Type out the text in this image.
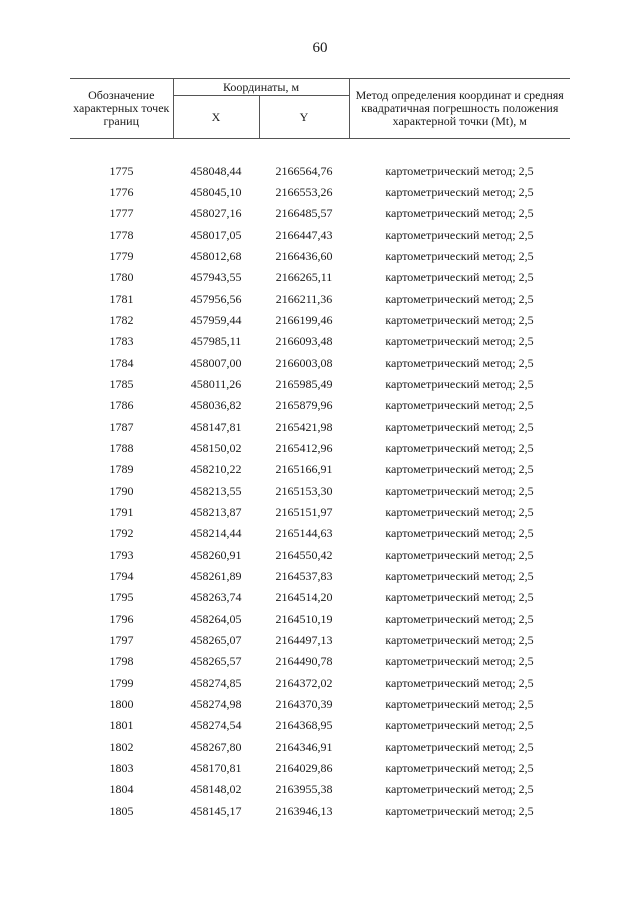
60
Обозначение характерных точек границ	Координаты, м		Метод определения координат и средняя квадратичная погрешность положения характерной точки (Mt), м
	X	Y	

1775	458048,44	2166564,76	картометрический метод; 2,5
1776	458045,10	2166553,26	картометрический метод; 2,5
1777	458027,16	2166485,57	картометрический метод; 2,5
1778	458017,05	2166447,43	картометрический метод; 2,5
1779	458012,68	2166436,60	картометрический метод; 2,5
1780	457943,55	2166265,11	картометрический метод; 2,5
1781	457956,56	2166211,36	картометрический метод; 2,5
1782	457959,44	2166199,46	картометрический метод; 2,5
1783	457985,11	2166093,48	картометрический метод; 2,5
1784	458007,00	2166003,08	картометрический метод; 2,5
1785	458011,26	2165985,49	картометрический метод; 2,5
1786	458036,82	2165879,96	картометрический метод; 2,5
1787	458147,81	2165421,98	картометрический метод; 2,5
1788	458150,02	2165412,96	картометрический метод; 2,5
1789	458210,22	2165166,91	картометрический метод; 2,5
1790	458213,55	2165153,30	картометрический метод; 2,5
1791	458213,87	2165151,97	картометрический метод; 2,5
1792	458214,44	2165144,63	картометрический метод; 2,5
1793	458260,91	2164550,42	картометрический метод; 2,5
1794	458261,89	2164537,83	картометрический метод; 2,5
1795	458263,74	2164514,20	картометрический метод; 2,5
1796	458264,05	2164510,19	картометрический метод; 2,5
1797	458265,07	2164497,13	картометрический метод; 2,5
1798	458265,57	2164490,78	картометрический метод; 2,5
1799	458274,85	2164372,02	картометрический метод; 2,5
1800	458274,98	2164370,39	картометрический метод; 2,5
1801	458274,54	2164368,95	картометрический метод; 2,5
1802	458267,80	2164346,91	картометрический метод; 2,5
1803	458170,81	2164029,86	картометрический метод; 2,5
1804	458148,02	2163955,38	картометрический метод; 2,5
1805	458145,17	2163946,13	картометрический метод; 2,5
